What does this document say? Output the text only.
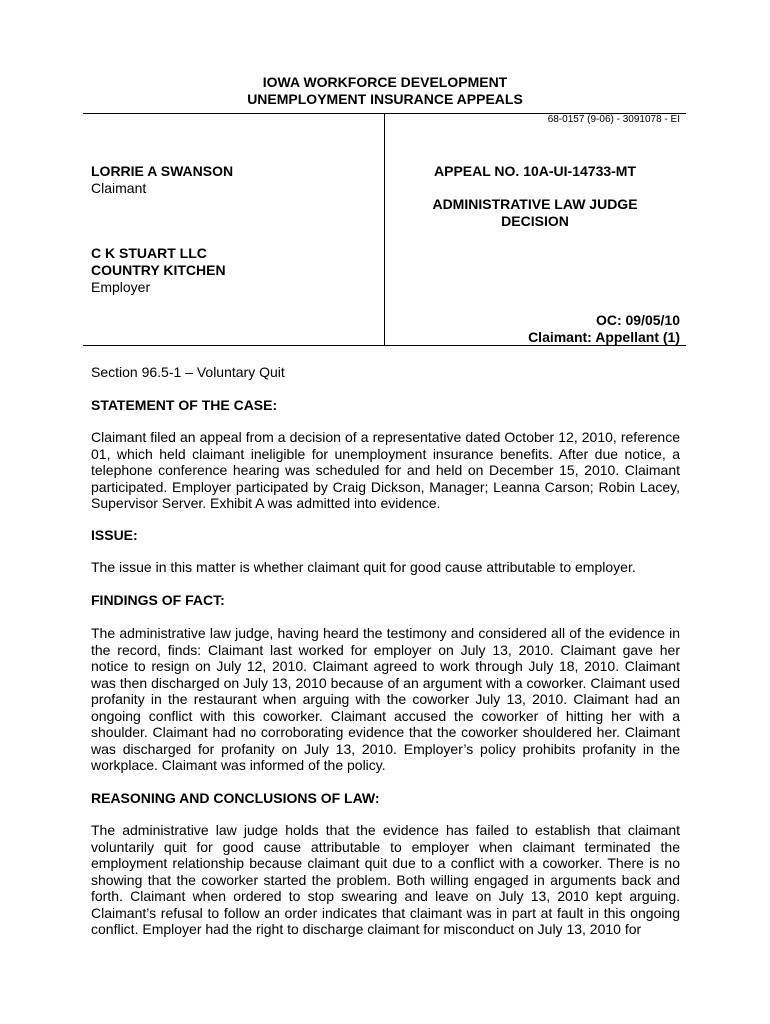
IOWA WORKFORCE DEVELOPMENT
UNEMPLOYMENT INSURANCE APPEALS
68-0157 (9-06) - 3091078 - EI
LORRIE A SWANSON
Claimant
C K STUART LLC
COUNTRY KITCHEN
Employer
APPEAL NO. 10A-UI-14733-MT
ADMINISTRATIVE LAW JUDGE
DECISION
OC: 09/05/10
Claimant: Appellant (1)
Section 96.5-1 – Voluntary Quit
STATEMENT OF THE CASE:
Claimant filed an appeal from a decision of a representative dated October 12, 2010, reference 01, which held claimant ineligible for unemployment insurance benefits. After due notice, a telephone conference hearing was scheduled for and held on December 15, 2010. Claimant participated. Employer participated by Craig Dickson, Manager; Leanna Carson; Robin Lacey, Supervisor Server. Exhibit A was admitted into evidence.
ISSUE:
The issue in this matter is whether claimant quit for good cause attributable to employer.
FINDINGS OF FACT:
The administrative law judge, having heard the testimony and considered all of the evidence in the record, finds: Claimant last worked for employer on July 13, 2010. Claimant gave her notice to resign on July 12, 2010. Claimant agreed to work through July 18, 2010. Claimant was then discharged on July 13, 2010 because of an argument with a coworker. Claimant used profanity in the restaurant when arguing with the coworker July 13, 2010. Claimant had an ongoing conflict with this coworker. Claimant accused the coworker of hitting her with a shoulder. Claimant had no corroborating evidence that the coworker shouldered her. Claimant was discharged for profanity on July 13, 2010. Employer’s policy prohibits profanity in the workplace. Claimant was informed of the policy.
REASONING AND CONCLUSIONS OF LAW:
The administrative law judge holds that the evidence has failed to establish that claimant voluntarily quit for good cause attributable to employer when claimant terminated the employment relationship because claimant quit due to a conflict with a coworker. There is no showing that the coworker started the problem. Both willing engaged in arguments back and forth. Claimant when ordered to stop swearing and leave on July 13, 2010 kept arguing. Claimant’s refusal to follow an order indicates that claimant was in part at fault in this ongoing conflict. Employer had the right to discharge claimant for misconduct on July 13, 2010 for
